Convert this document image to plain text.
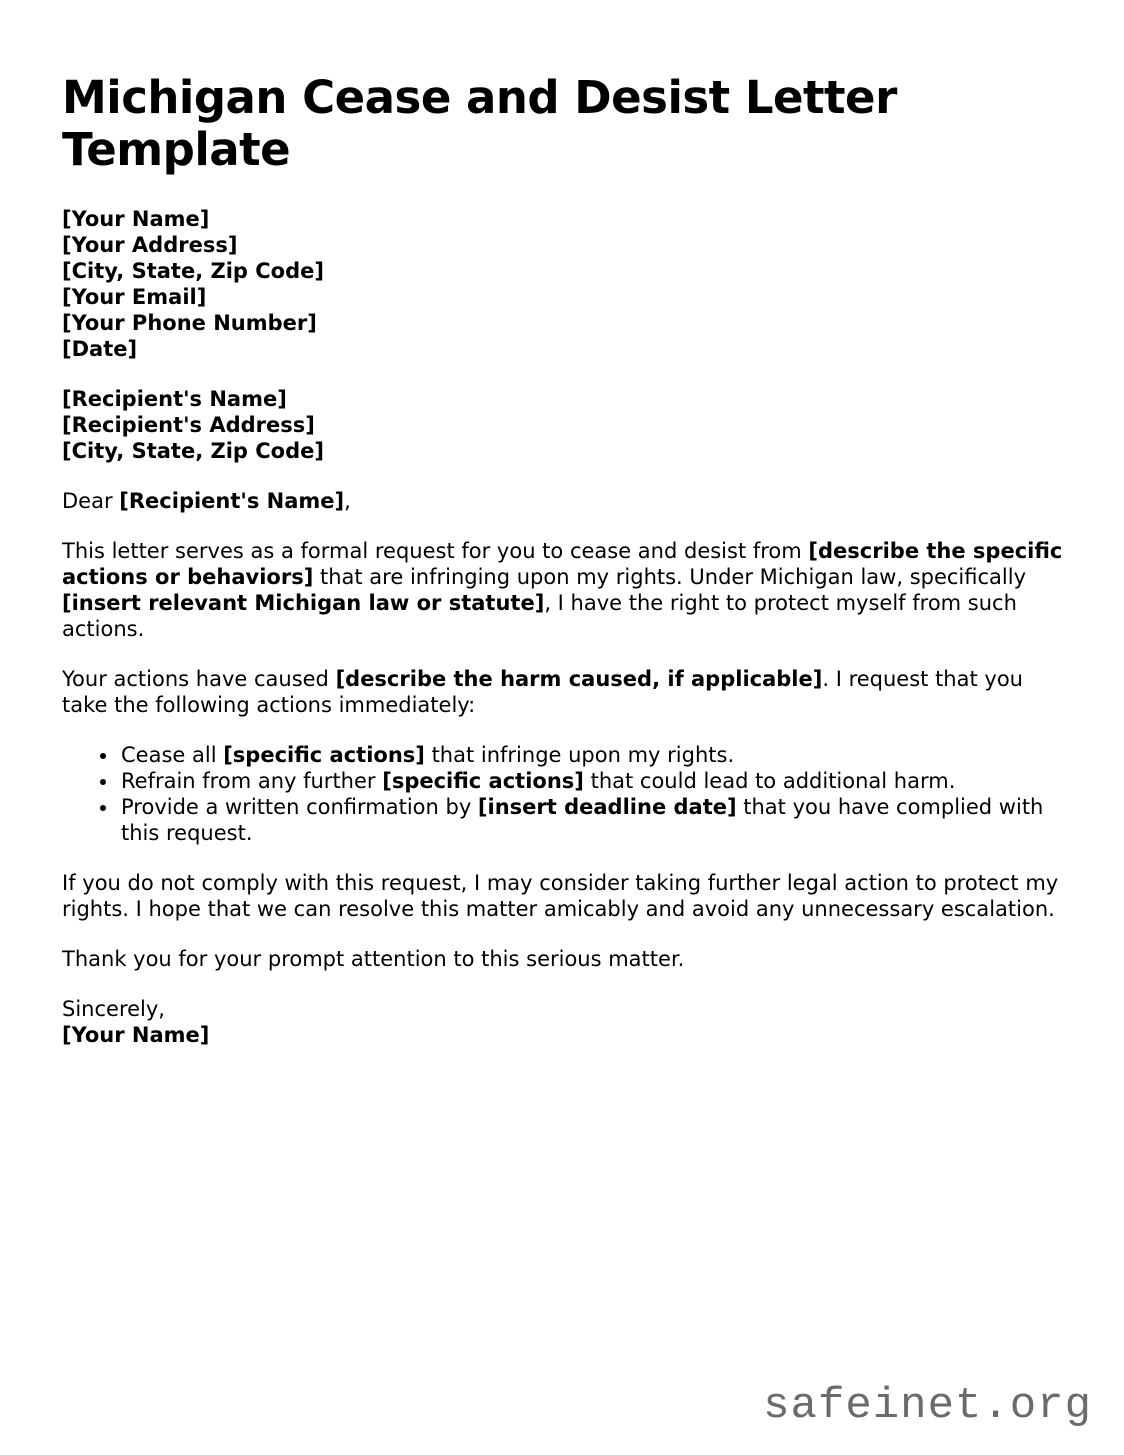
Michigan Cease and Desist Letter Template
[Your Name]
[Your Address]
[City, State, Zip Code]
[Your Email]
[Your Phone Number]
[Date]
[Recipient's Name]
[Recipient's Address]
[City, State, Zip Code]

Dear [Recipient's Name],

This letter serves as a formal request for you to cease and desist from [describe the specific actions or behaviors] that are infringing upon my rights. Under Michigan law, specifically [insert relevant Michigan law or statute], I have the right to protect myself from such actions.

Your actions have caused [describe the harm caused, if applicable]. I request that you take the following actions immediately:

• Cease all [specific actions] that infringe upon my rights.
• Refrain from any further [specific actions] that could lead to additional harm.
• Provide a written confirmation by [insert deadline date] that you have complied with this request.

If you do not comply with this request, I may consider taking further legal action to protect my rights. I hope that we can resolve this matter amicably and avoid any unnecessary escalation.

Thank you for your prompt attention to this serious matter.

Sincerely,
[Your Name]
safeinet.org
